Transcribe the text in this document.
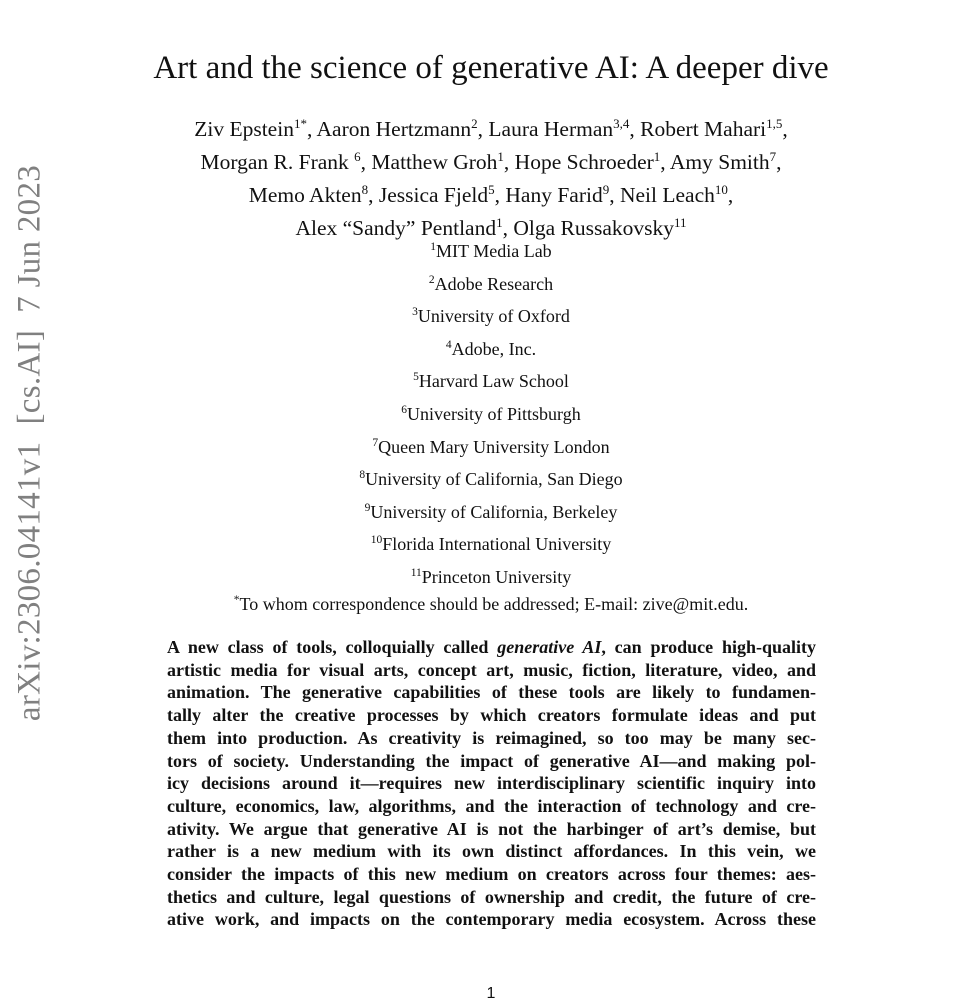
arXiv:2306.04141v1  [cs.AI]  7 Jun 2023
Art and the science of generative AI: A deeper dive
Ziv Epstein$^{1*}$, Aaron Hertzmann$^2$, Laura Herman$^{3,4}$, Robert Mahari$^{1,5}$,
Morgan R. Frank $^6$, Matthew Groh$^1$, Hope Schroeder$^1$, Amy Smith$^7$,
Memo Akten$^8$, Jessica Fjeld$^5$, Hany Farid$^9$, Neil Leach$^{10}$,
Alex “Sandy” Pentland$^1$, Olga Russakovsky$^{11}$
$^1$MIT Media Lab
$^2$Adobe Research
$^3$University of Oxford
$^4$Adobe, Inc.
$^5$Harvard Law School
$^6$University of Pittsburgh
$^7$Queen Mary University London
$^8$University of California, San Diego
$^9$University of California, Berkeley
$^{10}$Florida International University
$^{11}$Princeton University
*To whom correspondence should be addressed; E-mail: zive@mit.edu.
A new class of tools, colloquially called generative AI, can produce high-quality
artistic media for visual arts, concept art, music, fiction, literature, video, and
animation. The generative capabilities of these tools are likely to fundamen-
tally alter the creative processes by which creators formulate ideas and put
them into production. As creativity is reimagined, so too may be many sec-
tors of society. Understanding the impact of generative AI—and making pol-
icy decisions around it—requires new interdisciplinary scientific inquiry into
culture, economics, law, algorithms, and the interaction of technology and cre-
ativity. We argue that generative AI is not the harbinger of art’s demise, but
rather is a new medium with its own distinct affordances. In this vein, we
consider the impacts of this new medium on creators across four themes: aes-
thetics and culture, legal questions of ownership and credit, the future of cre-
ative work, and impacts on the contemporary media ecosystem. Across these
1
